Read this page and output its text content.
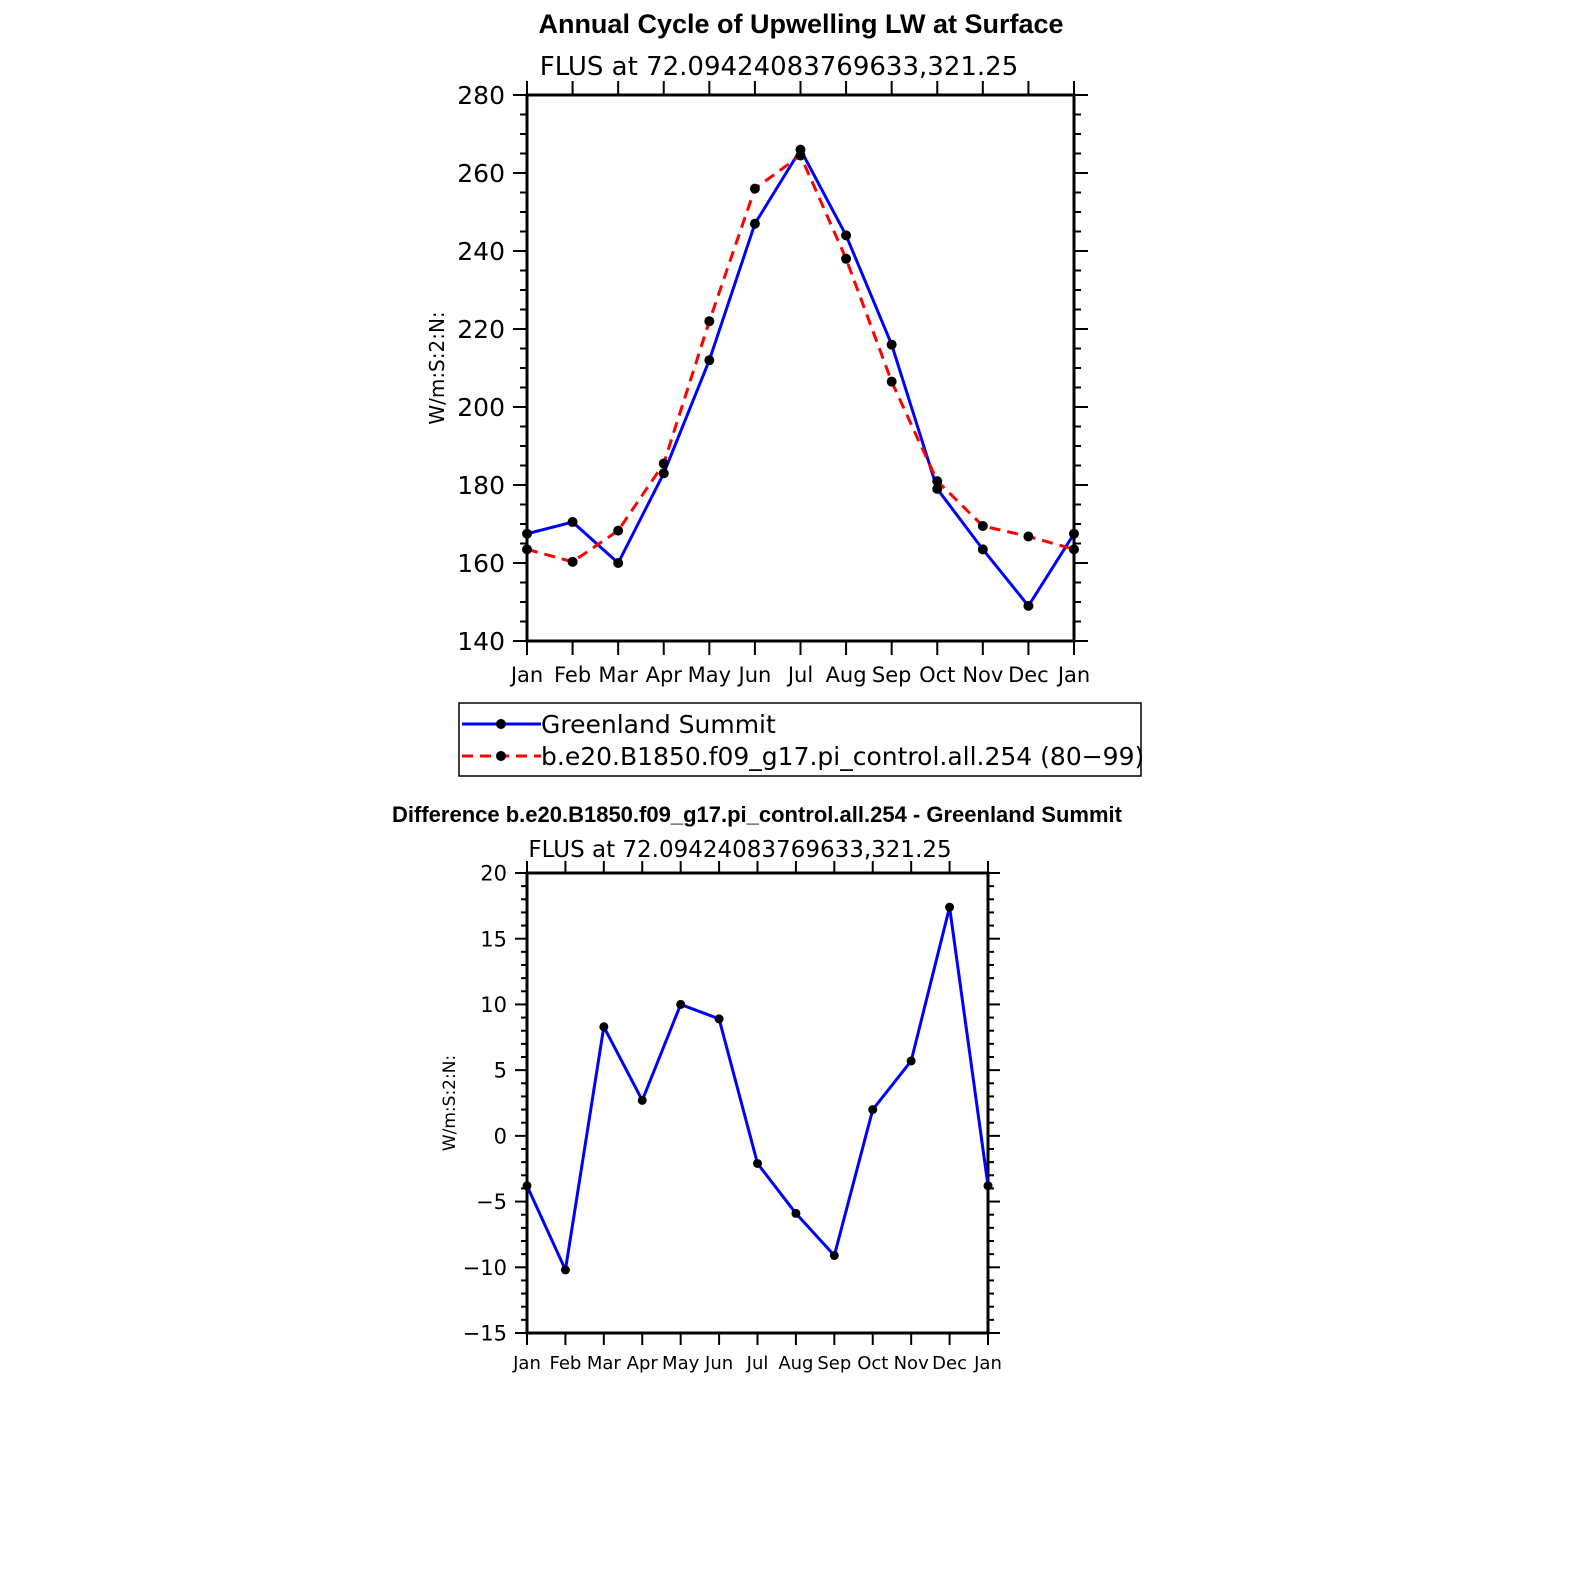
Annual Cycle of Upwelling LW at Surface
FLUS at 72.09424083769633,321.25
W/m:S:2:N:
140
160
180
200
220
240
260
280
Jan Feb Mar Apr May Jun Jul Aug Sep Oct Nov Dec Jan
Greenland Summit
b.e20.B1850.f09_g17.pi_control.all.254 (80−99)
Difference b.e20.B1850.f09_g17.pi_control.all.254 - Greenland Summit
FLUS at 72.09424083769633,321.25
W/m:S:2:N:
−15
−10
−5
0
5
10
15
20
Jan Feb Mar Apr May Jun Jul Aug Sep Oct Nov Dec Jan
